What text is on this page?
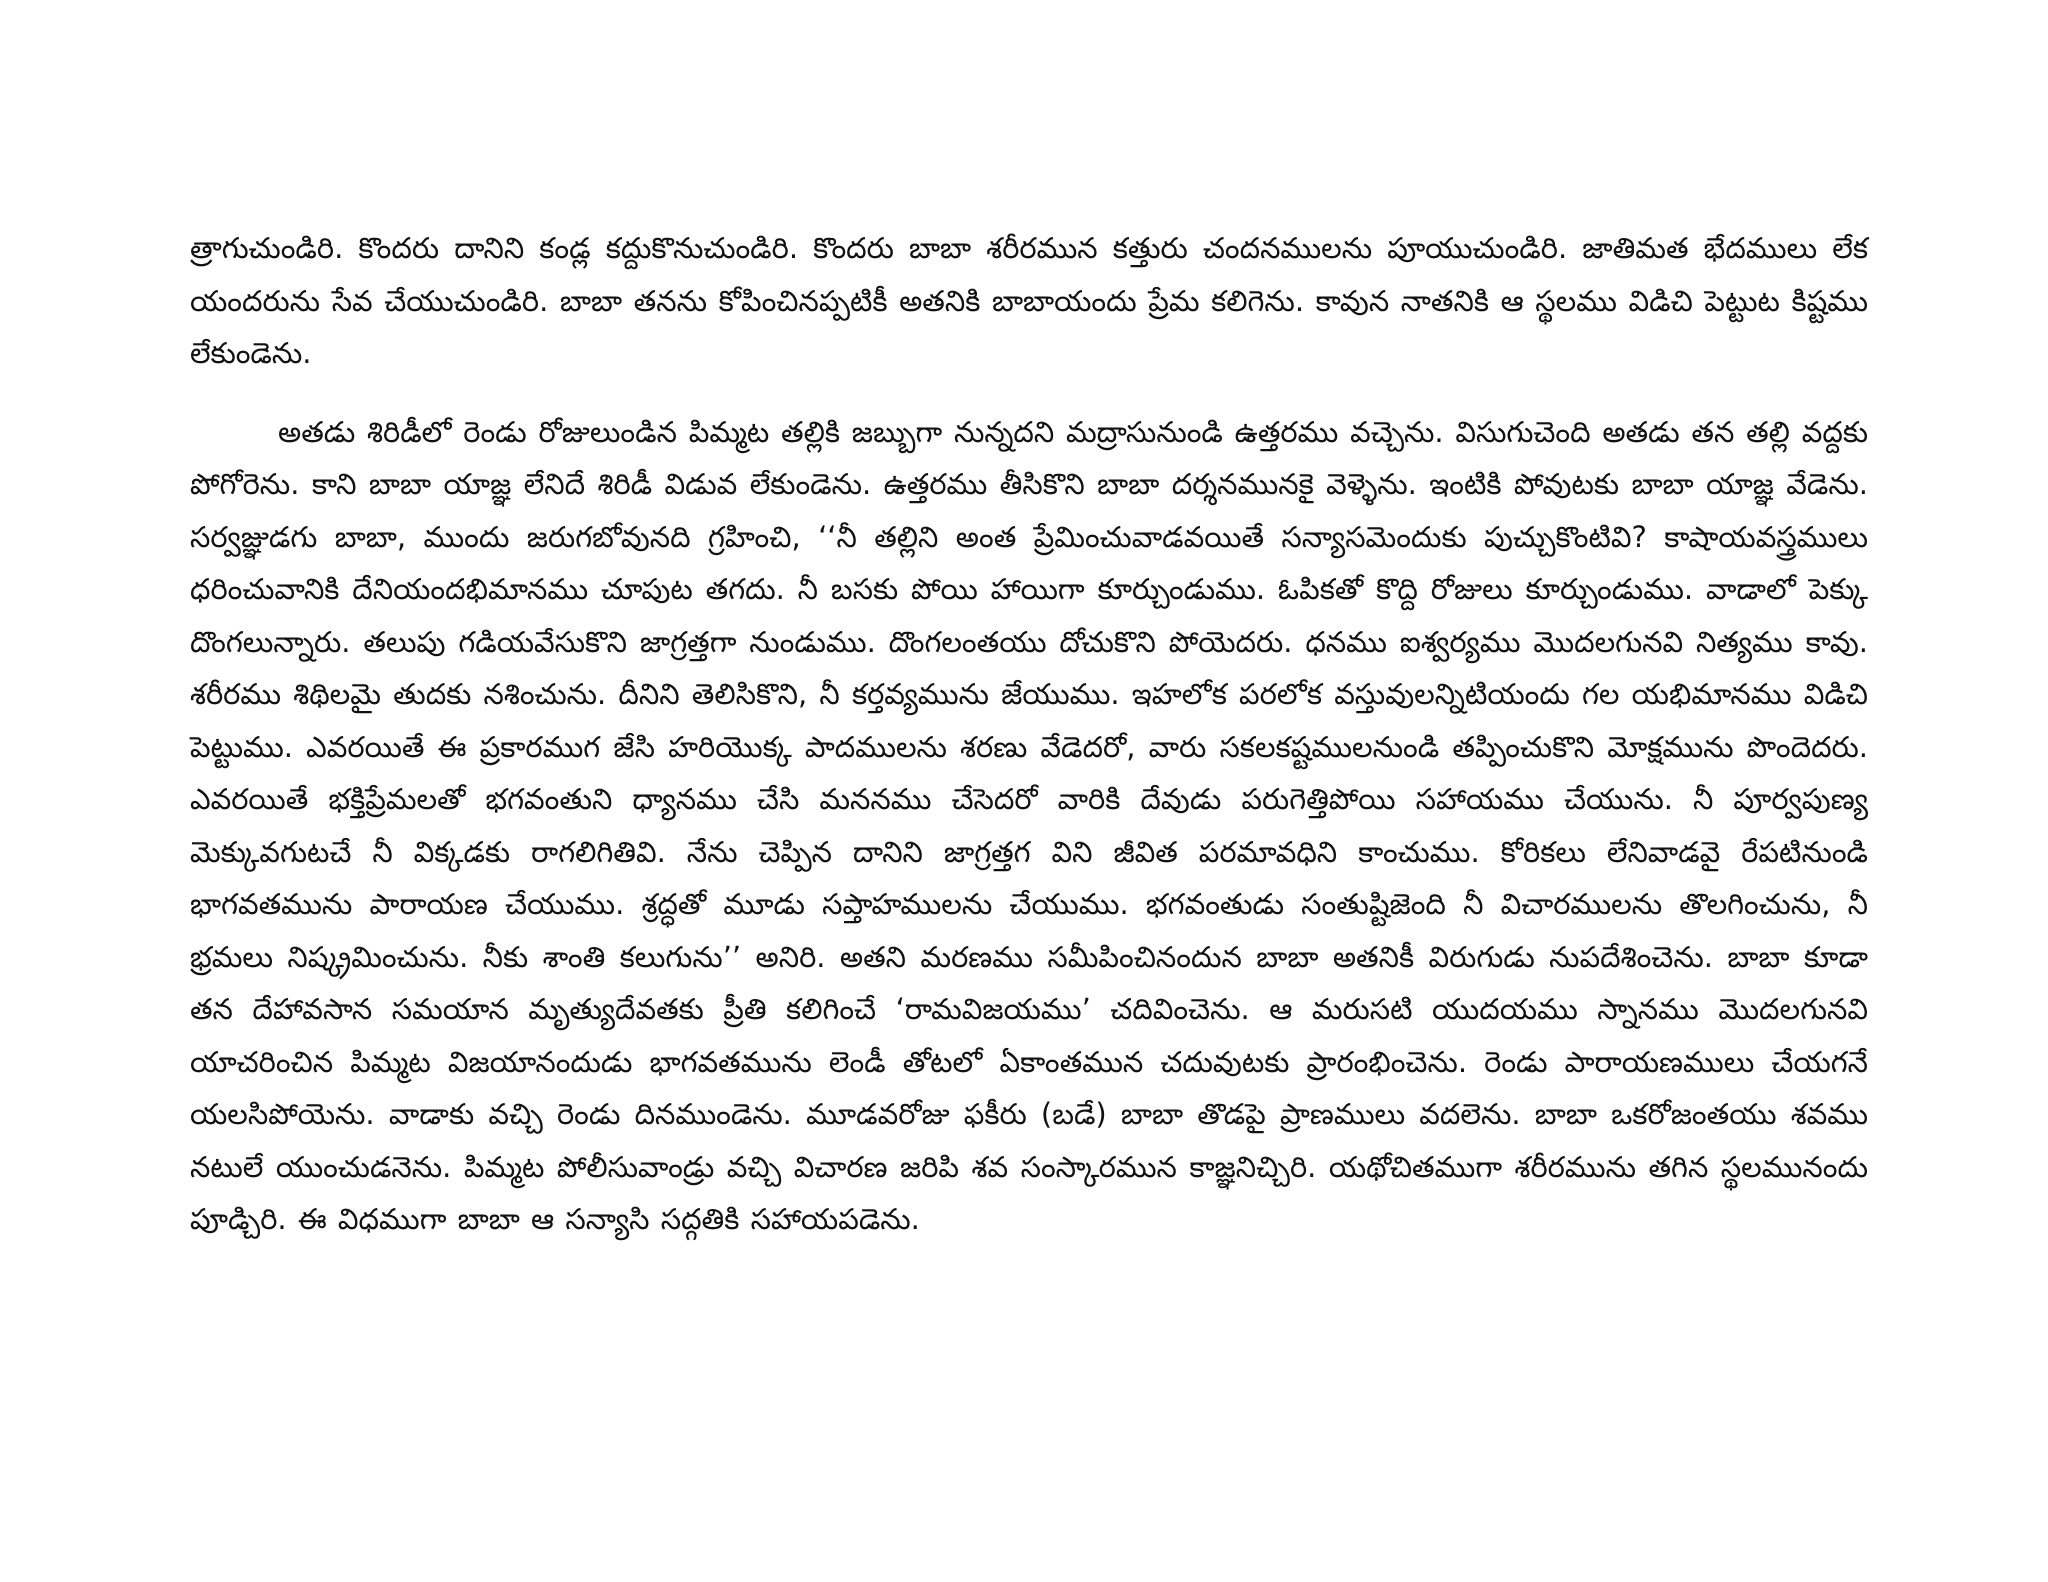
త్రాగుచుండిరి. కొందరు దానిని కండ్ల కద్దుకొనుచుండిరి. కొందరు బాబా శరీరమున కత్తురు చందనములను పూయుచుండిరి. జాతిమత భేదములు లేక యందరును సేవ చేయుచుండిరి. బాబా తనను కోపించినప్పటికీ అతనికి బాబాయందు ప్రేమ కలిగెను. కావున నాతనికి ఆ స్థలము విడిచి పెట్టుట కిష్టము లేకుండెను.

అతడు శిరిడీలో రెండు రోజులుండిన పిమ్మట తల్లికి జబ్బుగా నున్నదని మద్రాసునుండి ఉత్తరము వచ్చెను. విసుగుచెంది అతడు తన తల్లి వద్దకు పోగోరెను. కాని బాబా యాజ్ఞ లేనిదే శిరిడీ విడువ లేకుండెను. ఉత్తరము తీసికొని బాబా దర్శనమునకై వెళ్ళెను. ఇంటికి పోవుటకు బాబా యాజ్ఞ వేడెను. సర్వజ్ఞుడగు బాబా, ముందు జరుగబోవునది గ్రహించి, ‘‘నీ తల్లిని అంత ప్రేమించువాడవయితే సన్యాసమెందుకు పుచ్చుకొంటివి? కాషాయవస్త్రములు ధరించువానికి దేనియందభిమానము చూపుట తగదు. నీ బసకు పోయి హాయిగా కూర్చుండుము. ఓపికతో కొద్ది రోజులు కూర్చుండుము. వాడాలో పెక్కు దొంగలున్నారు. తలుపు గడియవేసుకొని జాగ్రత్తగా నుండుము. దొంగలంతయు దోచుకొని పోయెదరు. ధనము ఐశ్వర్యము మొదలగునవి నిత్యము కావు. శరీరము శిథిలమై తుదకు నశించును. దీనిని తెలిసికొని, నీ కర్తవ్యమును జేయుము. ఇహలోక పరలోక వస్తువులన్నిటియందు గల యభిమానము విడిచి పెట్టుము. ఎవరయితే ఈ ప్రకారముగ జేసి హరియొక్క పాదములను శరణు వేడెదరో, వారు సకలకష్టములనుండి తప్పించుకొని మోక్షమును పొందెదరు. ఎవరయితే భక్తిప్రేమలతో భగవంతుని ధ్యానము చేసి మననము చేసెదరో వారికి దేవుడు పరుగెత్తిపోయి సహాయము చేయును. నీ పూర్వపుణ్య మెక్కువగుటచే నీ విక్కడకు రాగలిగితివి. నేను చెప్పిన దానిని జాగ్రత్తగ విని జీవిత పరమావధిని కాంచుము. కోరికలు లేనివాడవై రేపటినుండి భాగవతమును పారాయణ చేయుము. శ్రద్ధతో మూడు సప్తాహములను చేయుము. భగవంతుడు సంతుష్టిజెంది నీ విచారములను తొలగించును, నీ భ్రమలు నిష్క్రమించును. నీకు శాంతి కలుగును’’ అనిరి. అతని మరణము సమీపించినందున బాబా అతనికీ విరుగుడు నుపదేశించెను. బాబా కూడా తన దేహావసాన సమయాన మృత్యుదేవతకు ప్రీతి కలిగించే ‘రామవిజయము’ చదివించెను. ఆ మరుసటి యుదయము స్నానము మొదలగునవి యాచరించిన పిమ్మట విజయానందుడు భాగవతమును లెండీ తోటలో ఏకాంతమున చదువుటకు ప్రారంభించెను. రెండు పారాయణములు చేయగనే యలసిపోయెను. వాడాకు వచ్చి రెండు దినముండెను. మూడవరోజు ఫకీరు (బడే) బాబా తొడపై ప్రాణములు వదలెను. బాబా ఒకరోజంతయు శవము నటులే యుంచుడనెను. పిమ్మట పోలీసువాండ్రు వచ్చి విచారణ జరిపి శవ సంస్కారమున కాజ్ఞనిచ్చిరి. యథోచితముగా శరీరమును తగిన స్థలమునందు పూడ్చిరి. ఈ విధముగా బాబా ఆ సన్యాసి సద్గతికి సహాయపడెను.
